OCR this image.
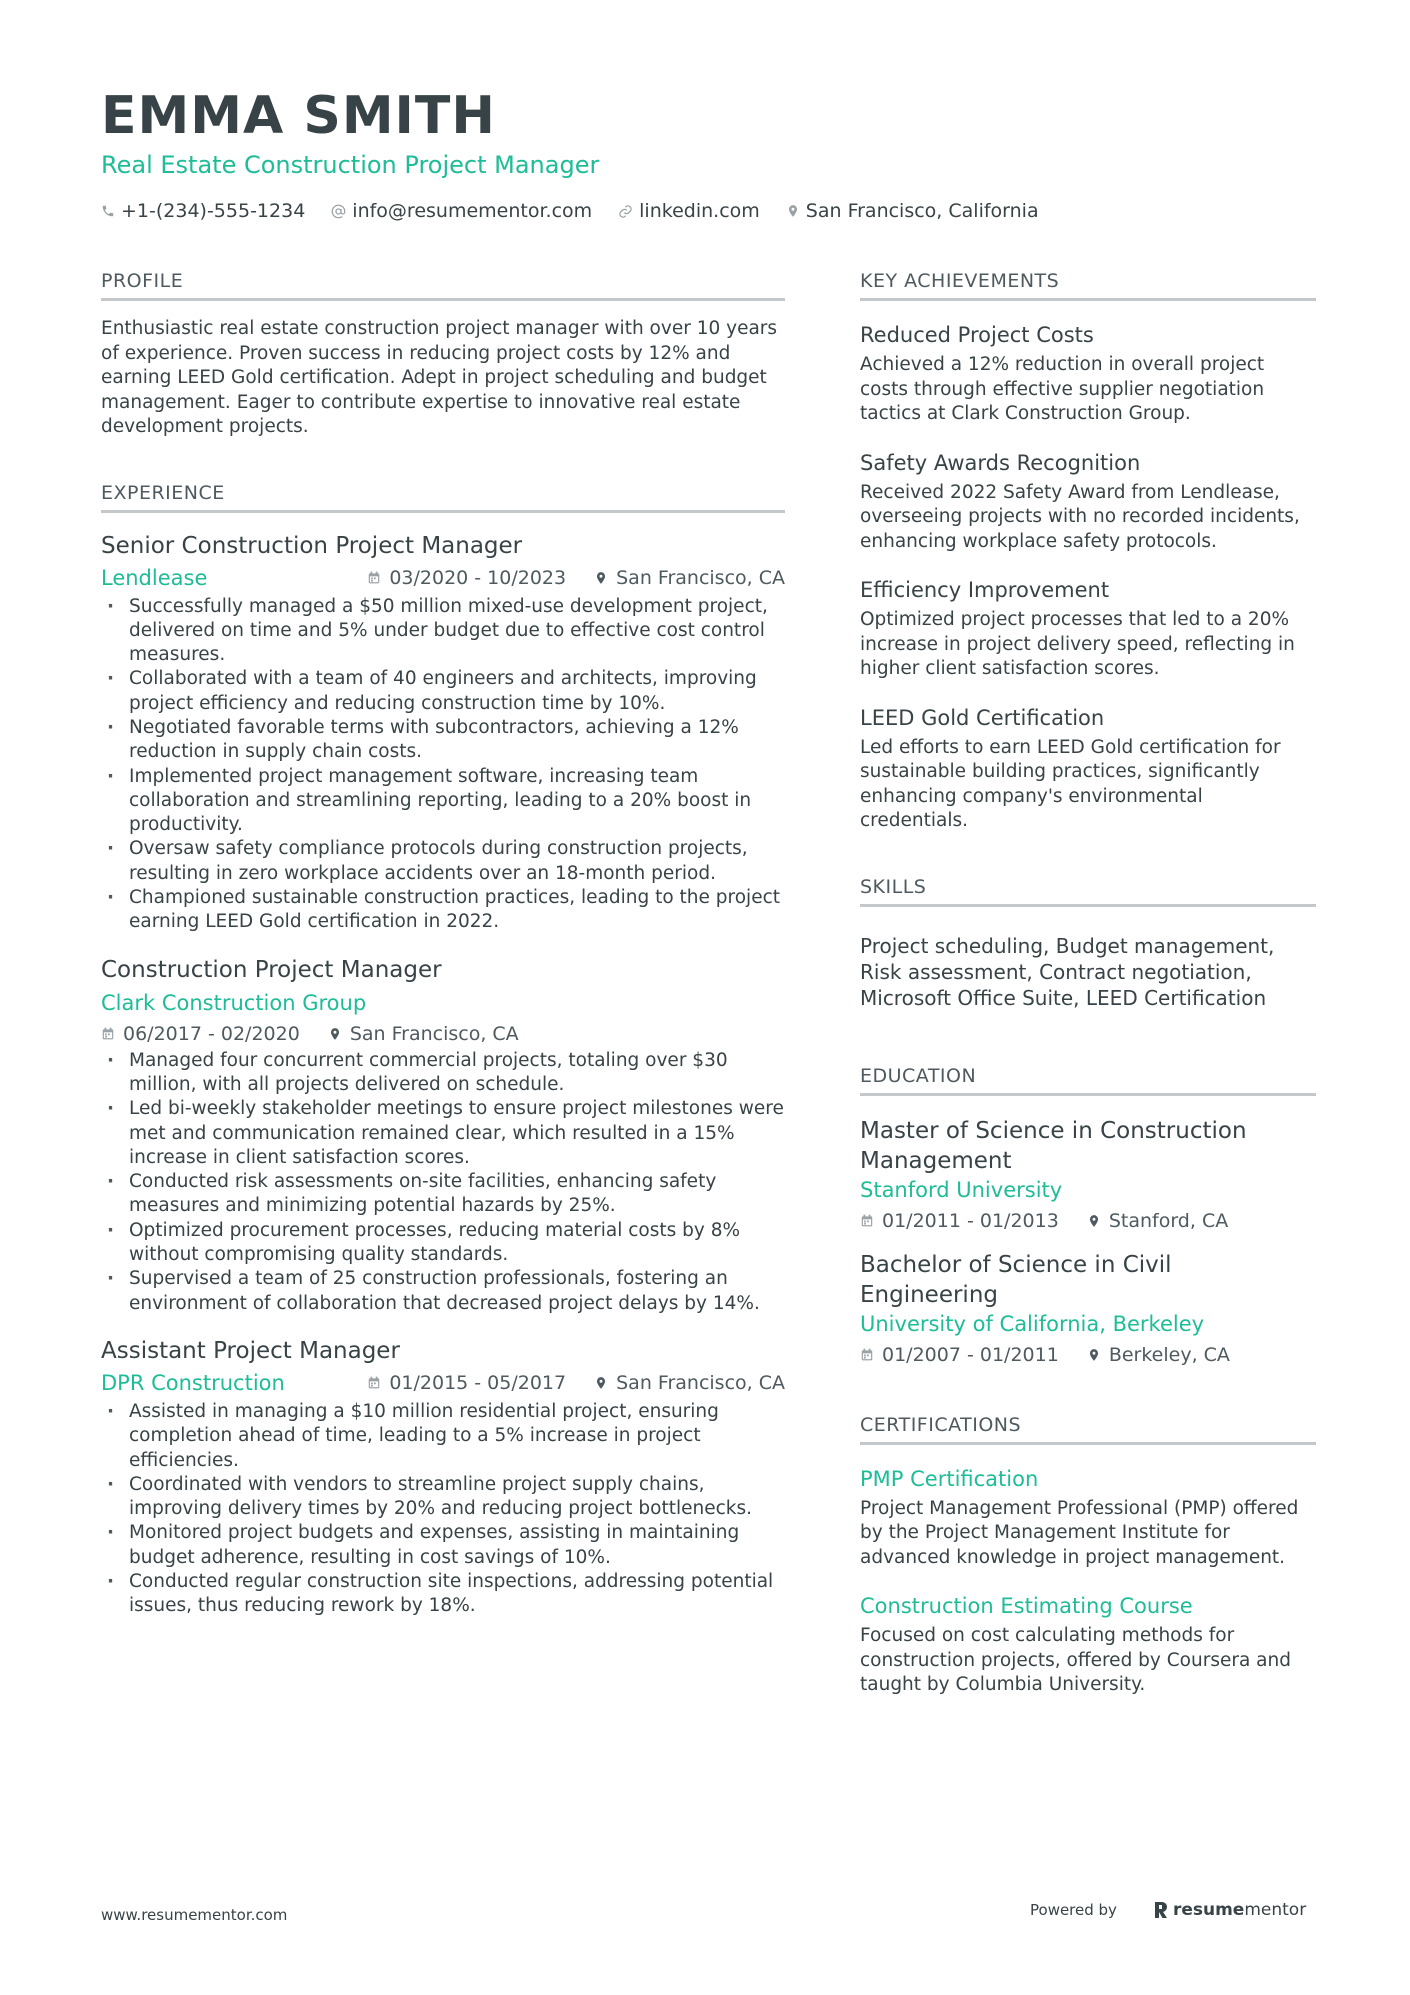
EMMA SMITH
Real Estate Construction Project Manager
+1-(234)-555-1234 info@resumementor.com linkedin.com San Francisco, California
PROFILE

Enthusiastic real estate construction project manager with over 10 years of experience. Proven success in reducing project costs by 12% and earning LEED Gold certification. Adept in project scheduling and budget management. Eager to contribute expertise to innovative real estate development projects.

EXPERIENCE
Senior Construction Project Manager
Lendlease	03/2020 - 10/2023	San Francisco, CA
· Successfully managed a $50 million mixed-use development project, delivered on time and 5% under budget due to effective cost control measures.
· Collaborated with a team of 40 engineers and architects, improving project efficiency and reducing construction time by 10%.
· Negotiated favorable terms with subcontractors, achieving a 12% reduction in supply chain costs.
· Implemented project management software, increasing team collaboration and streamlining reporting, leading to a 20% boost in productivity.
· Oversaw safety compliance protocols during construction projects, resulting in zero workplace accidents over an 18-month period.
· Championed sustainable construction practices, leading to the project earning LEED Gold certification in 2022.
Construction Project Manager
Clark Construction Group
06/2017 - 02/2020	San Francisco, CA
· Managed four concurrent commercial projects, totaling over $30 million, with all projects delivered on schedule.
· Led bi-weekly stakeholder meetings to ensure project milestones were met and communication remained clear, which resulted in a 15% increase in client satisfaction scores.
· Conducted risk assessments on-site facilities, enhancing safety measures and minimizing potential hazards by 25%.
· Optimized procurement processes, reducing material costs by 8% without compromising quality standards.
· Supervised a team of 25 construction professionals, fostering an environment of collaboration that decreased project delays by 14%.
Assistant Project Manager
DPR Construction	01/2015 - 05/2017	San Francisco, CA
· Assisted in managing a $10 million residential project, ensuring completion ahead of time, leading to a 5% increase in project efficiencies.
· Coordinated with vendors to streamline project supply chains, improving delivery times by 20% and reducing project bottlenecks.
· Monitored project budgets and expenses, assisting in maintaining budget adherence, resulting in cost savings of 10%.
· Conducted regular construction site inspections, addressing potential issues, thus reducing rework by 18%.
KEY ACHIEVEMENTS
Reduced Project Costs

Achieved a 12% reduction in overall project costs through effective supplier negotiation tactics at Clark Construction Group.

Safety Awards Recognition

Received 2022 Safety Award from Lendlease, overseeing projects with no recorded incidents, enhancing workplace safety protocols.

Efficiency Improvement

Optimized project processes that led to a 20% increase in project delivery speed, reflecting in higher client satisfaction scores.

LEED Gold Certification

Led efforts to earn LEED Gold certification for sustainable building practices, significantly enhancing company's environmental credentials.

SKILLS

Project scheduling, Budget management, Risk assessment, Contract negotiation, Microsoft Office Suite, LEED Certification

EDUCATION
Master of Science in Construction Management
Stanford University
01/2011 - 01/2013	Stanford, CA
Bachelor of Science in Civil Engineering
University of California, Berkeley
01/2007 - 01/2011	Berkeley, CA
CERTIFICATIONS
PMP Certification

Project Management Professional (PMP) offered by the Project Management Institute for advanced knowledge in project management.

Construction Estimating Course

Focused on cost calculating methods for construction projects, offered by Coursera and taught by Columbia University.

www.resumementor.com	Powered by	resume mentor
